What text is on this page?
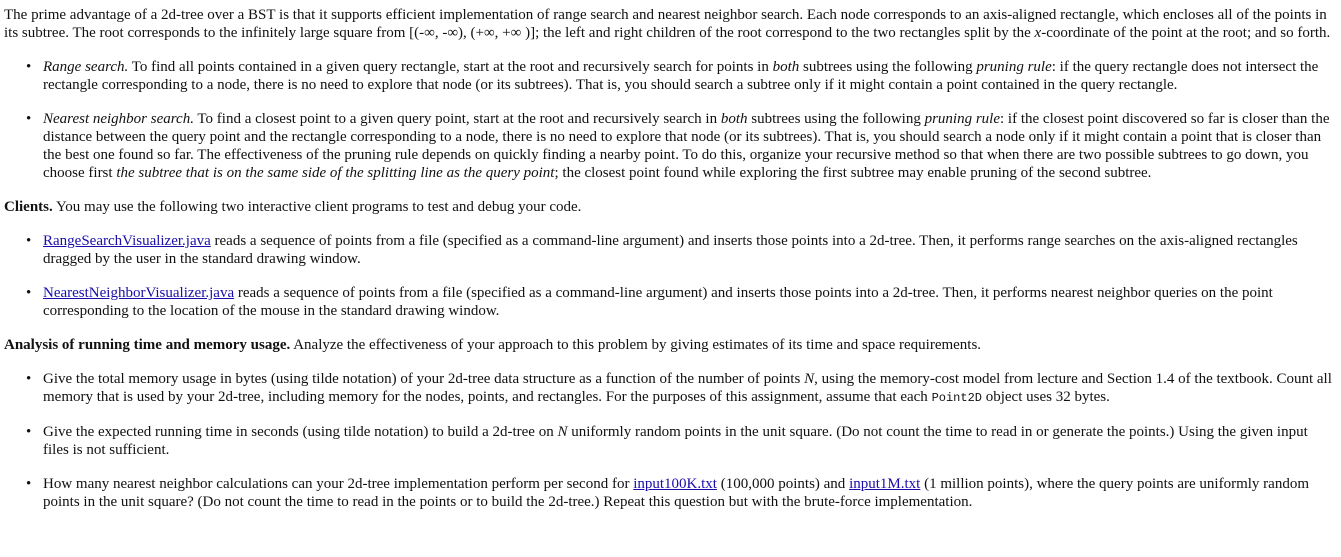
The prime advantage of a 2d-tree over a BST is that it supports efficient implementation of range search and nearest neighbor search. Each node corresponds to an axis-aligned rectangle, which encloses all of the points in its subtree. The root corresponds to the infinitely large square from [(-∞, -∞), (+∞, +∞ )]; the left and right children of the root correspond to the two rectangles split by the x-coordinate of the point at the root; and so forth.

• Range search. To find all points contained in a given query rectangle, start at the root and recursively search for points in both subtrees using the following pruning rule: if the query rectangle does not intersect the rectangle corresponding to a node, there is no need to explore that node (or its subtrees). That is, you should search a subtree only if it might contain a point contained in the query rectangle.
• Nearest neighbor search. To find a closest point to a given query point, start at the root and recursively search in both subtrees using the following pruning rule: if the closest point discovered so far is closer than the distance between the query point and the rectangle corresponding to a node, there is no need to explore that node (or its subtrees). That is, you should search a node only if it might contain a point that is closer than the best one found so far. The effectiveness of the pruning rule depends on quickly finding a nearby point. To do this, organize your recursive method so that when there are two possible subtrees to go down, you choose first the subtree that is on the same side of the splitting line as the query point; the closest point found while exploring the first subtree may enable pruning of the second subtree.

Clients. You may use the following two interactive client programs to test and debug your code.

• RangeSearchVisualizer.java reads a sequence of points from a file (specified as a command-line argument) and inserts those points into a 2d-tree. Then, it performs range searches on the axis-aligned rectangles dragged by the user in the standard drawing window.
• NearestNeighborVisualizer.java reads a sequence of points from a file (specified as a command-line argument) and inserts those points into a 2d-tree. Then, it performs nearest neighbor queries on the point corresponding to the location of the mouse in the standard drawing window.

Analysis of running time and memory usage. Analyze the effectiveness of your approach to this problem by giving estimates of its time and space requirements.

• Give the total memory usage in bytes (using tilde notation) of your 2d-tree data structure as a function of the number of points N, using the memory-cost model from lecture and Section 1.4 of the textbook. Count all memory that is used by your 2d-tree, including memory for the nodes, points, and rectangles. For the purposes of this assignment, assume that each Point2D object uses 32 bytes.
• Give the expected running time in seconds (using tilde notation) to build a 2d-tree on N uniformly random points in the unit square. (Do not count the time to read in or generate the points.) Using the given input files is not sufficient.
• How many nearest neighbor calculations can your 2d-tree implementation perform per second for input100K.txt (100,000 points) and input1M.txt (1 million points), where the query points are uniformly random points in the unit square? (Do not count the time to read in the points or to build the 2d-tree.) Repeat this question but with the brute-force implementation.
